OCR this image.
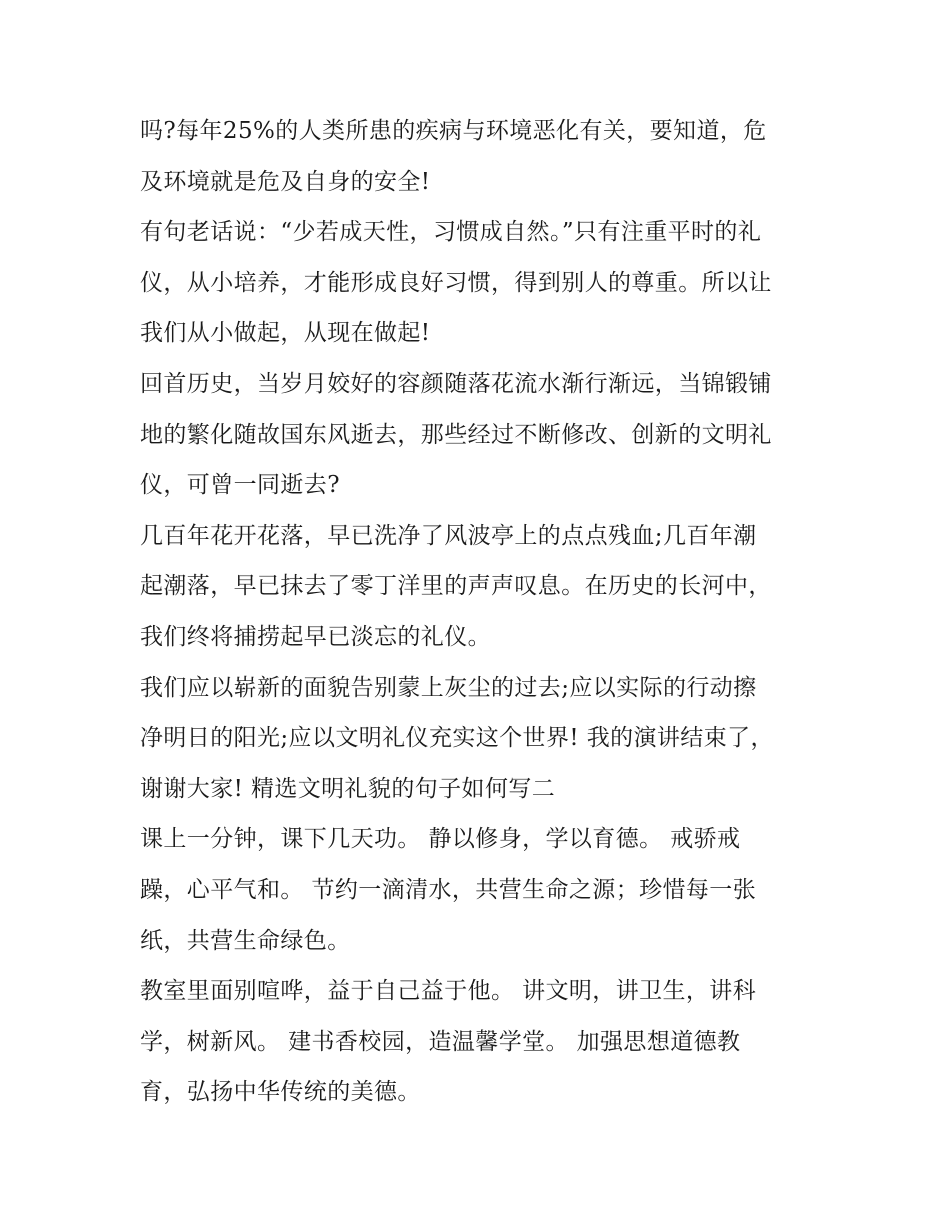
吗?每年25%的人类所患的疾病与环境恶化有关，要知道，危
及环境就是危及自身的安全!

有句老话说：“少若成天性，习惯成自然。”只有注重平时的礼
仪，从小培养，才能形成良好习惯，得到别人的尊重。所以让
我们从小做起，从现在做起!

回首历史，当岁月姣好的容颜随落花流水渐行渐远，当锦锻铺
地的繁化随故国东风逝去，那些经过不断修改、创新的文明礼
仪，可曾一同逝去?

几百年花开花落，早已洗净了风波亭上的点点残血;几百年潮
起潮落，早已抹去了零丁洋里的声声叹息。在历史的长河中，
我们终将捕捞起早已淡忘的礼仪。

我们应以崭新的面貌告别蒙上灰尘的过去;应以实际的行动擦
净明日的阳光;应以文明礼仪充实这个世界! 我的演讲结束了，
谢谢大家! 精选文明礼貌的句子如何写二

课上一分钟，课下几天功。 静以修身，学以育德。 戒骄戒
躁，心平气和。 节约一滴清水，共营生命之源；珍惜每一张
纸，共营生命绿色。

教室里面别喧哗，益于自己益于他。 讲文明，讲卫生，讲科
学，树新风。 建书香校园，造温馨学堂。 加强思想道德教
育，弘扬中华传统的美德。
